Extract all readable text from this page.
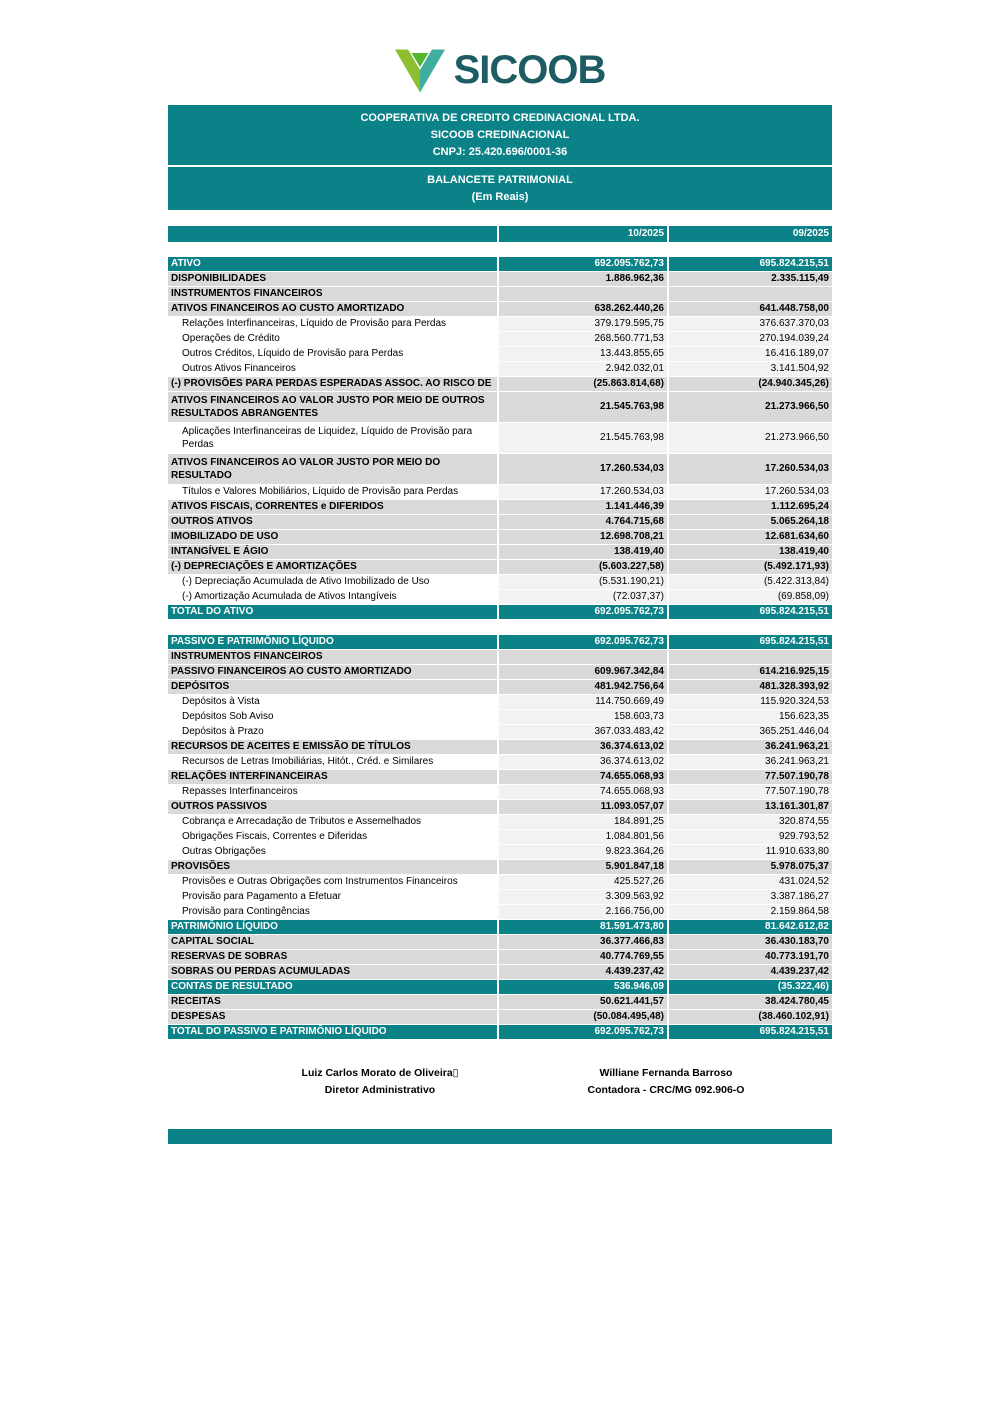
SICOOB
COOPERATIVA DE CREDITO CREDINACIONAL LTDA.
SICOOB CREDINACIONAL
CNPJ: 25.420.696/0001-36
BALANCETE PATRIMONIAL
(Em Reais)
10/2025	09/2025
ATIVO	692.095.762,73	695.824.215,51
DISPONIBILIDADES	1.886.962,36	2.335.115,49
INSTRUMENTOS FINANCEIROS
ATIVOS FINANCEIROS AO CUSTO AMORTIZADO	638.262.440,26	641.448.758,00
Relações Interfinanceiras, Líquido de Provisão para Perdas	379.179.595,75	376.637.370,03
Operações de Crédito	268.560.771,53	270.194.039,24
Outros Créditos, Líquido de Provisão para Perdas	13.443.855,65	16.416.189,07
Outros Ativos Financeiros	2.942.032,01	3.141.504,92
(-) PROVISÕES PARA PERDAS ESPERADAS ASSOC. AO RISCO DE	(25.863.814,68)	(24.940.345,26)
ATIVOS FINANCEIROS AO VALOR JUSTO POR MEIO DE OUTROS RESULTADOS ABRANGENTES
21.545.763,98	21.273.966,50
Aplicações Interfinanceiras de Liquidez, Líquido de Provisão para Perdas
21.545.763,98	21.273.966,50
ATIVOS FINANCEIROS AO VALOR JUSTO POR MEIO DO RESULTADO
17.260.534,03	17.260.534,03
Títulos e Valores Mobiliários, Líquido de Provisão para Perdas	17.260.534,03	17.260.534,03
ATIVOS FISCAIS, CORRENTES e DIFERIDOS	1.141.446,39	1.112.695,24
OUTROS ATIVOS	4.764.715,68	5.065.264,18
IMOBILIZADO DE USO	12.698.708,21	12.681.634,60
INTANGÍVEL E ÁGIO	138.419,40	138.419,40
(-) DEPRECIAÇÕES E AMORTIZAÇÕES	(5.603.227,58)	(5.492.171,93)
(-) Depreciação Acumulada de Ativo Imobilizado de Uso	(5.531.190,21)	(5.422.313,84)
(-) Amortização Acumulada de Ativos Intangíveis	(72.037,37)	(69.858,09)
TOTAL DO ATIVO	692.095.762,73	695.824.215,51
PASSIVO E PATRIMÔNIO LÍQUIDO	692.095.762,73	695.824.215,51
INSTRUMENTOS FINANCEIROS
PASSIVO FINANCEIROS AO CUSTO AMORTIZADO	609.967.342,84	614.216.925,15
DEPÓSITOS	481.942.756,64	481.328.393,92
Depósitos à Vista	114.750.669,49	115.920.324,53
Depósitos Sob Aviso	158.603,73	156.623,35
Depósitos à Prazo	367.033.483,42	365.251.446,04
RECURSOS DE ACEITES E EMISSÃO DE TÍTULOS	36.374.613,02	36.241.963,21
Recursos de Letras Imobiliárias, Hitót., Créd. e Similares	36.374.613,02	36.241.963,21
RELAÇÕES INTERFINANCEIRAS	74.655.068,93	77.507.190,78
Repasses Interfinanceiros	74.655.068,93	77.507.190,78
OUTROS PASSIVOS	11.093.057,07	13.161.301,87
Cobrança e Arrecadação de Tributos e Assemelhados	184.891,25	320.874,55
Obrigações Fiscais, Correntes e Diferidas	1.084.801,56	929.793,52
Outras Obrigações	9.823.364,26	11.910.633,80
PROVISÕES	5.901.847,18	5.978.075,37
Provisões e Outras Obrigações com Instrumentos Financeiros	425.527,26	431.024,52
Provisão para Pagamento a Efetuar	3.309.563,92	3.387.186,27
Provisão para Contingências	2.166.756,00	2.159.864,58
PATRIMÔNIO LÍQUIDO	81.591.473,80	81.642.612,82
CAPITAL SOCIAL	36.377.466,83	36.430.183,70
RESERVAS DE SOBRAS	40.774.769,55	40.773.191,70
SOBRAS OU PERDAS ACUMULADAS	4.439.237,42	4.439.237,42
CONTAS DE RESULTADO	536.946,09	(35.322,46)
RECEITAS	50.621.441,57	38.424.780,45
DESPESAS	(50.084.495,48)	(38.460.102,91)
TOTAL DO PASSIVO E PATRIMÔNIO LÍQUIDO	692.095.762,73	695.824.215,51
Luiz Carlos Morato de Oliveira▯
Diretor Administrativo
Williane Fernanda Barroso
Contadora - CRC/MG 092.906-O
